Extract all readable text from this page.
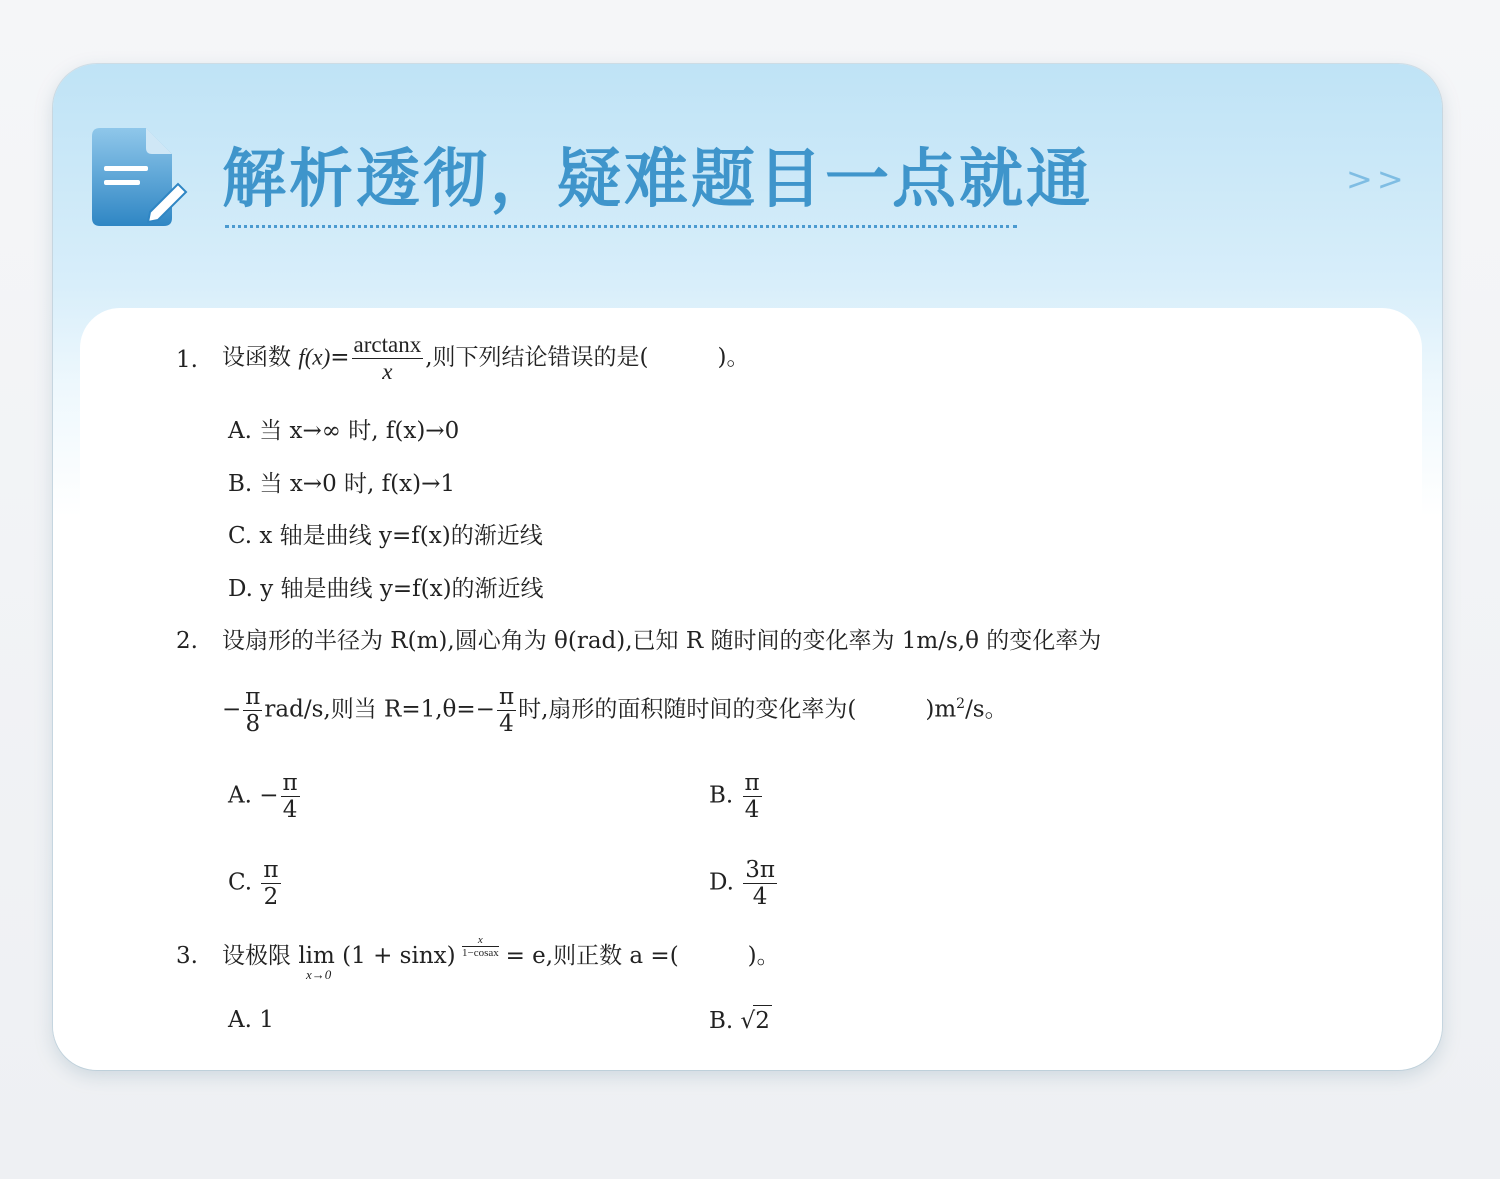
解析透彻，疑难题目一点就通	>>
1. 设函数 $f(x)= \frac{\arctan x}{x}$ ,则下列结论错误的是(　　　)。
A. 当 x→∞ 时, f(x)→0
B. 当 x→0 时, f(x)→1
C. x 轴是曲线 y=f(x)的渐近线
D. y 轴是曲线 y=f(x)的渐近线
2. 设扇形的半径为 R(m),圆心角为 θ(rad),已知 R 随时间的变化率为 1m/s,θ 的变化率为
− $\frac{\pi}{8} rad/s$,则当 $R=1,\theta=- \frac{\pi}{4}$ 时,扇形的面积随时间的变化率为(　　　)$m^2/s$。
A. − $\frac{\pi}{4}$	B. $\frac{\pi}{4}$
C. $\frac{\pi}{2}$	D. $\frac{3\pi}{4}$
3. 设极限 lim (1 + sinx) = e,则正数 a =(　　　)。
x→0
$\frac{x}{\text{1−cosax}}$
A. 1	B. √2
